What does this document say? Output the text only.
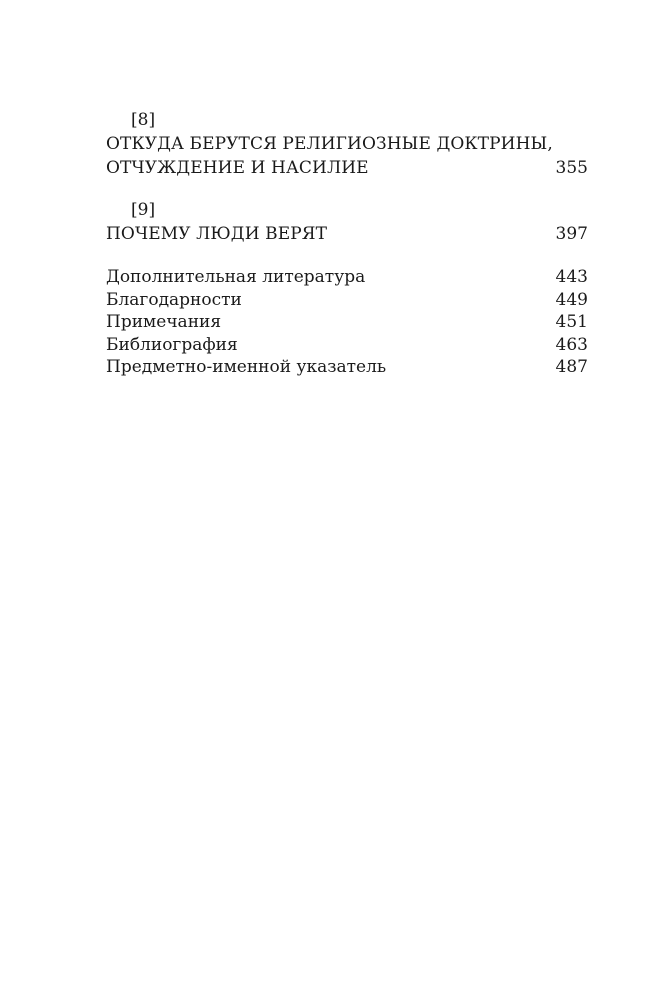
[8]
ОТКУДА БЕРУТСЯ РЕЛИГИОЗНЫЕ ДОКТРИНЫ,
ОТЧУЖДЕНИЕ И НАСИЛИЕ	355
[9]
ПОЧЕМУ ЛЮДИ ВЕРЯТ	397
Дополнительная литература	443
Благодарности	449
Примечания	451
Библиография	463
Предметно-именной указатель	487
